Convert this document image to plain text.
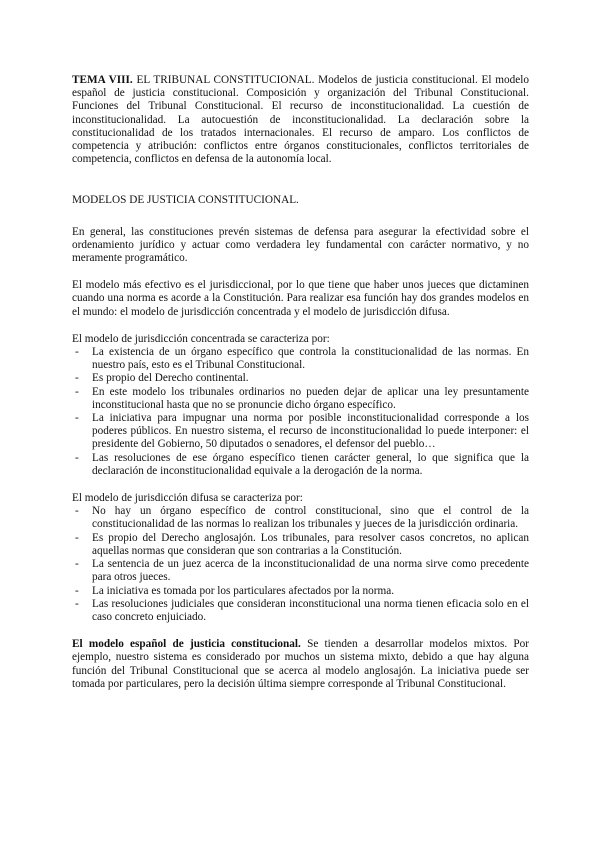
TEMA VIII. EL TRIBUNAL CONSTITUCIONAL. Modelos de justicia constitucional. El modelo español de justicia constitucional. Composición y organización del Tribunal Constitucional. Funciones del Tribunal Constitucional. El recurso de inconstitucionalidad. La cuestión de inconstitucionalidad. La autocuestión de inconstitucionalidad. La declaración sobre la constitucionalidad de los tratados internacionales. El recurso de amparo. Los conflictos de competencia y atribución: conflictos entre órganos constitucionales, conflictos territoriales de competencia, conflictos en defensa de la autonomía local.

MODELOS DE JUSTICIA CONSTITUCIONAL.

En general, las constituciones prevén sistemas de defensa para asegurar la efectividad sobre el ordenamiento jurídico y actuar como verdadera ley fundamental con carácter normativo, y no meramente programático.

El modelo más efectivo es el jurisdiccional, por lo que tiene que haber unos jueces que dictaminen cuando una norma es acorde a la Constitución. Para realizar esa función hay dos grandes modelos en el mundo: el modelo de jurisdicción concentrada y el modelo de jurisdicción difusa.

El modelo de jurisdicción concentrada se caracteriza por:

- La existencia de un órgano específico que controla la constitucionalidad de las normas. En nuestro país, esto es el Tribunal Constitucional.
- Es propio del Derecho continental.
- En este modelo los tribunales ordinarios no pueden dejar de aplicar una ley presuntamente inconstitucional hasta que no se pronuncie dicho órgano específico.
- La iniciativa para impugnar una norma por posible inconstitucionalidad corresponde a los poderes públicos. En nuestro sistema, el recurso de inconstitucionalidad lo puede interponer: el presidente del Gobierno, 50 diputados o senadores, el defensor del pueblo…
- Las resoluciones de ese órgano específico tienen carácter general, lo que significa que la declaración de inconstitucionalidad equivale a la derogación de la norma.

El modelo de jurisdicción difusa se caracteriza por:

- No hay un órgano específico de control constitucional, sino que el control de la constitucionalidad de las normas lo realizan los tribunales y jueces de la jurisdicción ordinaria.
- Es propio del Derecho anglosajón. Los tribunales, para resolver casos concretos, no aplican aquellas normas que consideran que son contrarias a la Constitución.
- La sentencia de un juez acerca de la inconstitucionalidad de una norma sirve como precedente para otros jueces.
- La iniciativa es tomada por los particulares afectados por la norma.
- Las resoluciones judiciales que consideran inconstitucional una norma tienen eficacia solo en el caso concreto enjuiciado.

El modelo español de justicia constitucional. Se tienden a desarrollar modelos mixtos. Por ejemplo, nuestro sistema es considerado por muchos un sistema mixto, debido a que hay alguna función del Tribunal Constitucional que se acerca al modelo anglosajón. La iniciativa puede ser tomada por particulares, pero la decisión última siempre corresponde al Tribunal Constitucional.
